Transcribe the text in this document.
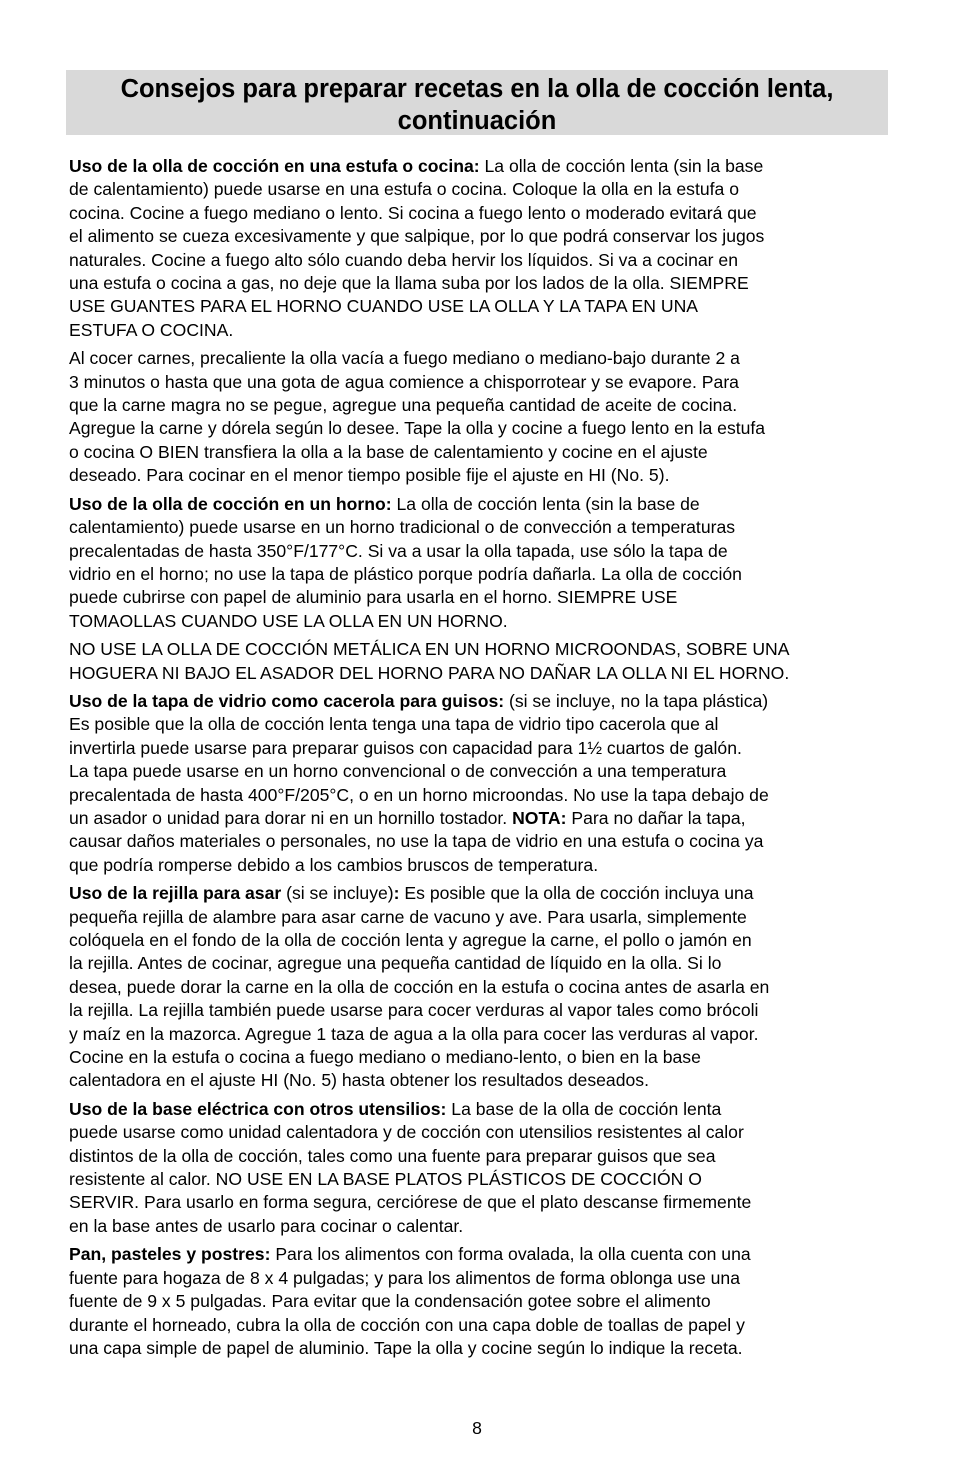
Consejos para preparar recetas en la olla de cocción lenta,
continuación

Uso de la olla de cocción en una estufa o cocina: La olla de cocción lenta (sin la base
de calentamiento) puede usarse en una estufa o cocina. Coloque la olla en la estufa o
cocina. Cocine a fuego mediano o lento. Si cocina a fuego lento o moderado evitará que
el alimento se cueza excesivamente y que salpique, por lo que podrá conservar los jugos
naturales. Cocine a fuego alto sólo cuando deba hervir los líquidos. Si va a cocinar en
una estufa o cocina a gas, no deje que la llama suba por los lados de la olla. SIEMPRE
USE GUANTES PARA EL HORNO CUANDO USE LA OLLA Y LA TAPA EN UNA
ESTUFA O COCINA.

Al cocer carnes, precaliente la olla vacía a fuego mediano o mediano-bajo durante 2 a
3 minutos o hasta que una gota de agua comience a chisporrotear y se evapore. Para
que la carne magra no se pegue, agregue una pequeña cantidad de aceite de cocina.
Agregue la carne y dórela según lo desee. Tape la olla y cocine a fuego lento en la estufa
o cocina O BIEN transfiera la olla a la base de calentamiento y cocine en el ajuste
deseado. Para cocinar en el menor tiempo posible fije el ajuste en HI (No. 5).

Uso de la olla de cocción en un horno: La olla de cocción lenta (sin la base de
calentamiento) puede usarse en un horno tradicional o de convección a temperaturas
precalentadas de hasta 350°F/177°C. Si va a usar la olla tapada, use sólo la tapa de
vidrio en el horno; no use la tapa de plástico porque podría dañarla. La olla de cocción
puede cubrirse con papel de aluminio para usarla en el horno. SIEMPRE USE
TOMAOLLAS CUANDO USE LA OLLA EN UN HORNO.

NO USE LA OLLA DE COCCIÓN METÁLICA EN UN HORNO MICROONDAS, SOBRE UNA
HOGUERA NI BAJO EL ASADOR DEL HORNO PARA NO DAÑAR LA OLLA NI EL HORNO.

Uso de la tapa de vidrio como cacerola para guisos: (si se incluye, no la tapa plástica)
Es posible que la olla de cocción lenta tenga una tapa de vidrio tipo cacerola que al
invertirla puede usarse para preparar guisos con capacidad para 1½ cuartos de galón.
La tapa puede usarse en un horno convencional o de convección a una temperatura
precalentada de hasta 400°F/205°C, o en un horno microondas. No use la tapa debajo de
un asador o unidad para dorar ni en un hornillo tostador. NOTA: Para no dañar la tapa,
causar daños materiales o personales, no use la tapa de vidrio en una estufa o cocina ya
que podría romperse debido a los cambios bruscos de temperatura.

Uso de la rejilla para asar (si se incluye): Es posible que la olla de cocción incluya una
pequeña rejilla de alambre para asar carne de vacuno y ave. Para usarla, simplemente
colóquela en el fondo de la olla de cocción lenta y agregue la carne, el pollo o jamón en
la rejilla. Antes de cocinar, agregue una pequeña cantidad de líquido en la olla. Si lo
desea, puede dorar la carne en la olla de cocción en la estufa o cocina antes de asarla en
la rejilla. La rejilla también puede usarse para cocer verduras al vapor tales como brócoli
y maíz en la mazorca. Agregue 1 taza de agua a la olla para cocer las verduras al vapor.
Cocine en la estufa o cocina a fuego mediano o mediano-lento, o bien en la base
calentadora en el ajuste HI (No. 5) hasta obtener los resultados deseados.

Uso de la base eléctrica con otros utensilios: La base de la olla de cocción lenta
puede usarse como unidad calentadora y de cocción con utensilios resistentes al calor
distintos de la olla de cocción, tales como una fuente para preparar guisos que sea
resistente al calor. NO USE EN LA BASE PLATOS PLÁSTICOS DE COCCIÓN O
SERVIR. Para usarlo en forma segura, cerciórese de que el plato descanse firmemente
en la base antes de usarlo para cocinar o calentar.

Pan, pasteles y postres: Para los alimentos con forma ovalada, la olla cuenta con una
fuente para hogaza de 8 x 4 pulgadas; y para los alimentos de forma oblonga use una
fuente de 9 x 5 pulgadas. Para evitar que la condensación gotee sobre el alimento
durante el horneado, cubra la olla de cocción con una capa doble de toallas de papel y
una capa simple de papel de aluminio. Tape la olla y cocine según lo indique la receta.

8
